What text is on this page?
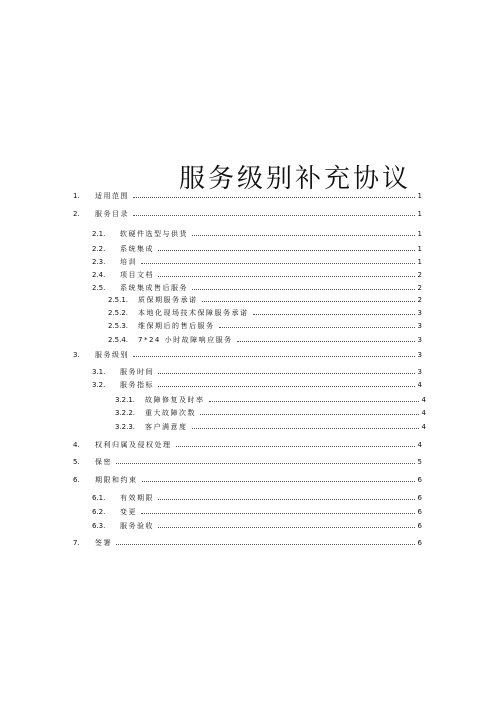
服务级别补充协议
1.	适用范围	1
2.	服务目录	1
2.1.	软硬件选型与供货	1
2.2.	系统集成	1
2.3.	培训	1
2.4.	项目文档	2
2.5.	系统集成售后服务	2
2.5.1.	质保期服务承诺	2
2.5.2.	本地化现场技术保障服务承诺	3
2.5.3.	维保期后的售后服务	3
2.5.4.	7*24 小时故障响应服务	3
3.	服务级别	3
3.1.	服务时间	3
3.2.	服务指标	4
3.2.1.	故障修复及时率	4
3.2.2.	重大故障次数	4
3.2.3.	客户满意度	4
4.	权利归属及侵权处理	4
5.	保密	5
6.	期限和约束	6
6.1.	有效期限	6
6.2.	变更	6
6.3.	服务验收	6
7.	签署	6
